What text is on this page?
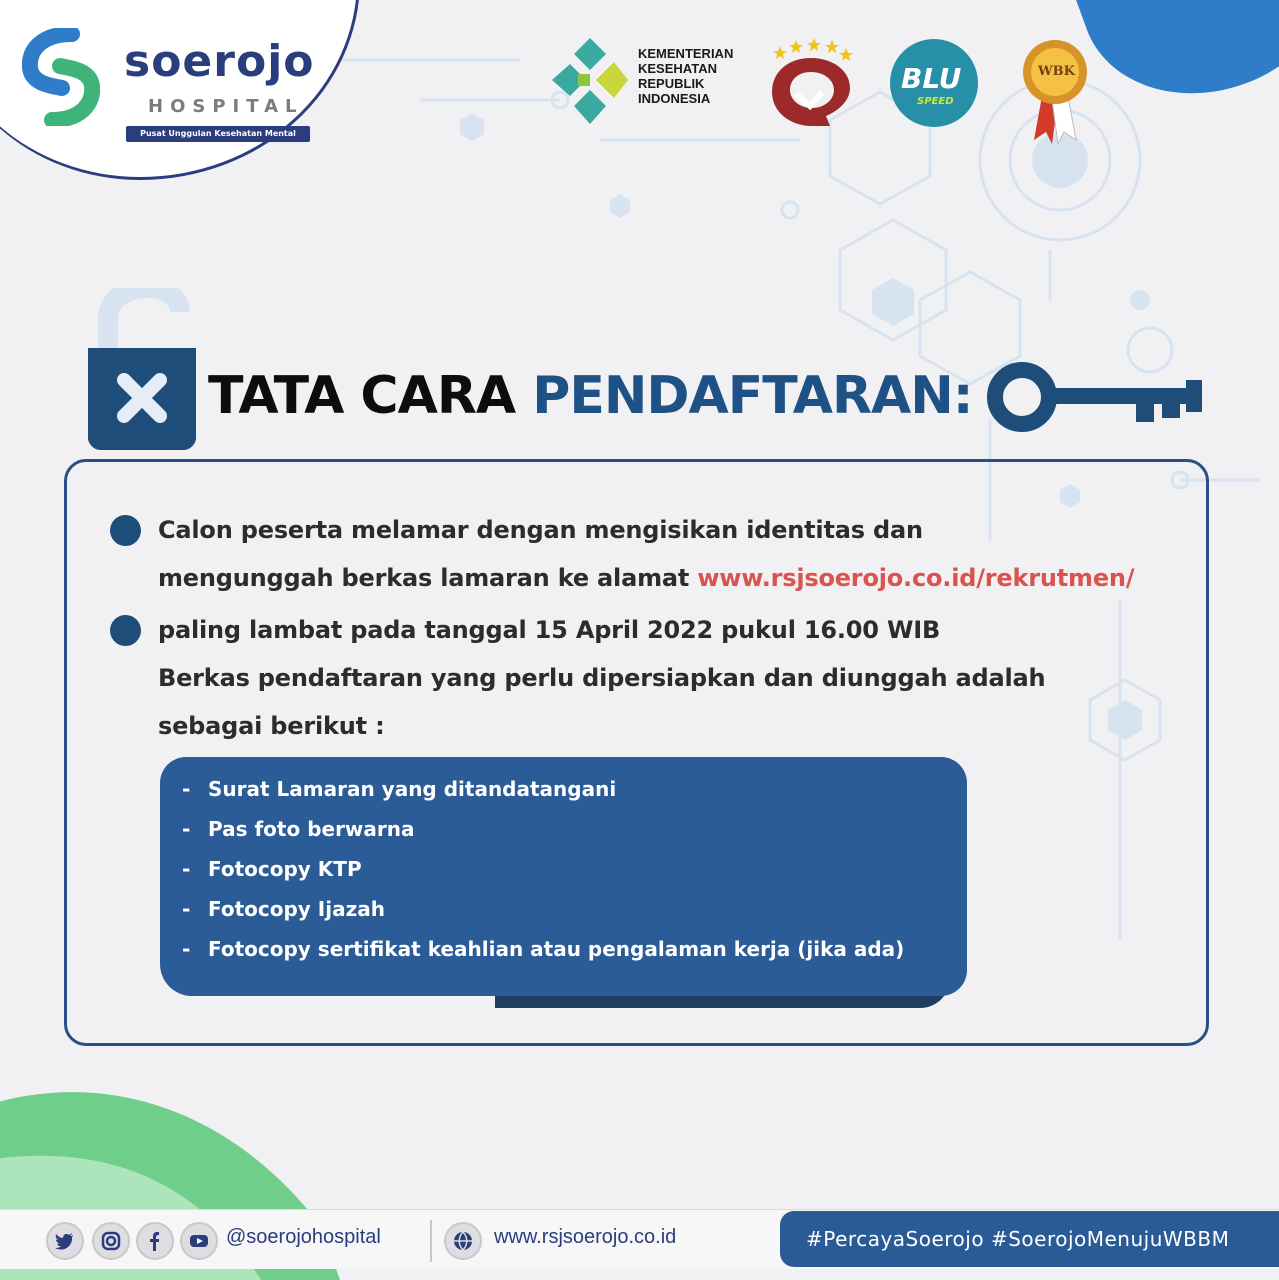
soerojo
HOSPITAL
Pusat Unggulan Kesehatan Mental Integratif
KEMENTERIAN
KESEHATAN
REPUBLIK
INDONESIA
BLU
SPEED
WBK
TATA CARA PENDAFTARAN:
Calon peserta melamar dengan mengisikan identitas dan
mengunggah berkas lamaran ke alamat www.rsjsoerojo.co.id/rekrutmen/
paling lambat pada tanggal 15 April 2022 pukul 16.00 WIB
Berkas pendaftaran yang perlu dipersiapkan dan diunggah adalah
sebagai berikut :
- Surat Lamaran yang ditandatangani
- Pas foto berwarna
- Fotocopy KTP
- Fotocopy Ijazah
- Fotocopy sertifikat keahlian atau pengalaman kerja (jika ada)
@soerojohospital	www.rsjsoerojo.co.id	#PercayaSoerojo #SoerojoMenujuWBBM
